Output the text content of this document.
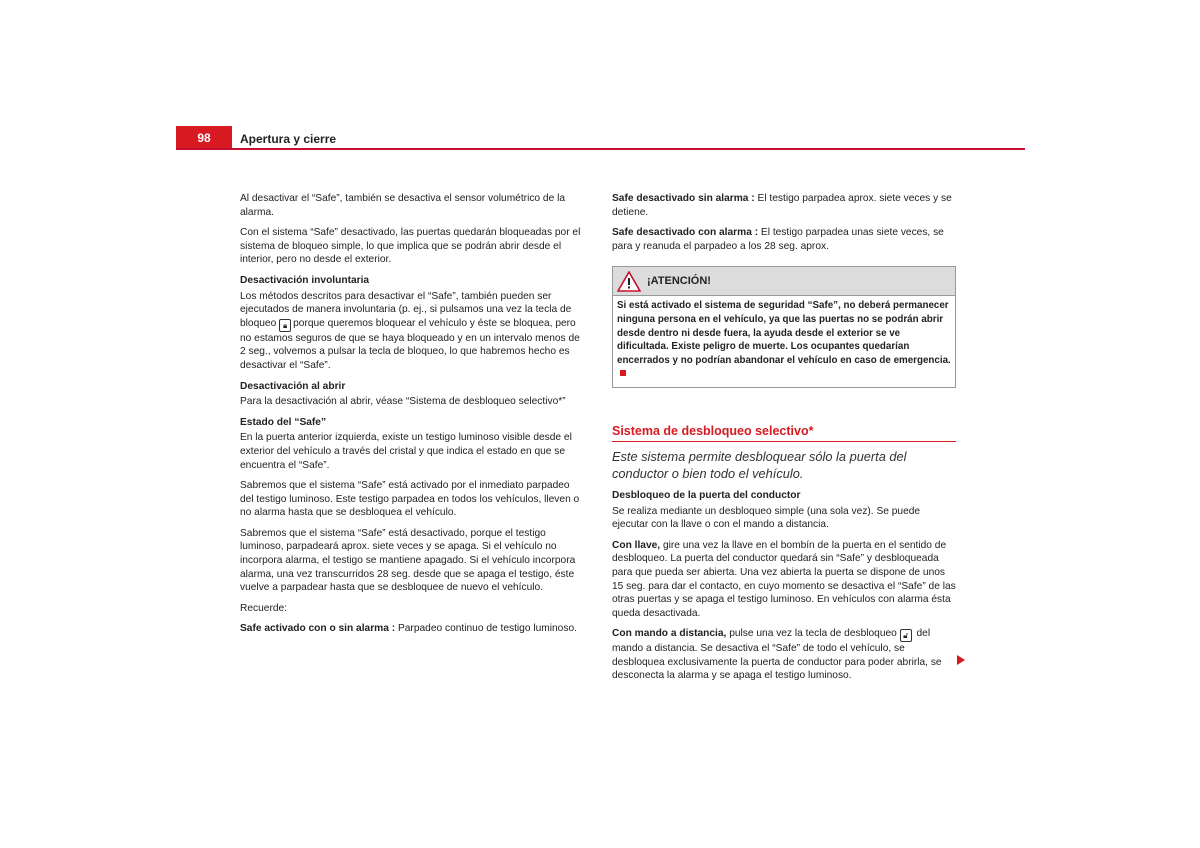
98	Apertura y cierre

Al desactivar el “Safe”, también se desactiva el sensor volumétrico de la alarma.

Con el sistema “Safe” desactivado, las puertas quedarán bloqueadas por el sistema de bloqueo simple, lo que implica que se podrán abrir desde el interior, pero no desde el exterior.

Desactivación involuntaria

Los métodos descritos para desactivar el “Safe”, también pueden ser ejecutados de manera involuntaria (p. ej., si pulsamos una vez la tecla de bloqueo 🔒︎ porque queremos bloquear el vehículo y éste se bloquea, pero no estamos seguros de que se haya bloqueado y en un intervalo menos de 2 seg., volvemos a pulsar la tecla de bloqueo, lo que habremos hecho es desactivar el “Safe”.

Desactivación al abrir

Para la desactivación al abrir, véase “Sistema de desbloqueo selectivo*”

Estado del “Safe”

En la puerta anterior izquierda, existe un testigo luminoso visible desde el exterior del vehículo a través del cristal y que indica el estado en que se encuentra el “Safe”.

Sabremos que el sistema “Safe” está activado por el inmediato parpadeo del testigo luminoso. Este testigo parpadea en todos los vehículos, lleven o no alarma hasta que se desbloquea el vehículo.

Sabremos que el sistema “Safe” está desactivado, porque el testigo luminoso, parpadeará aprox. siete veces y se apaga. Si el vehículo no incorpora alarma, el testigo se mantiene apagado. Si el vehículo incorpora alarma, una vez transcurridos 28 seg. desde que se apaga el testigo, éste vuelve a parpadear hasta que se desbloquee de nuevo el vehículo.

Recuerde:

Safe activado con o sin alarma : Parpadeo continuo de testigo luminoso.

Safe desactivado sin alarma : El testigo parpadea aprox. siete veces y se detiene.

Safe desactivado con alarma : El testigo parpadea unas siete veces, se para y reanuda el parpadeo a los 28 seg. aprox.

¡ATENCIÓN!
Si está activado el sistema de seguridad “Safe”, no deberá permanecer ninguna persona en el vehículo, ya que las puertas no se podrán abrir desde dentro ni desde fuera, la ayuda desde el exterior se ve dificultada. Existe peligro de muerte. Los ocupantes quedarían encerrados y no podrían abandonar el vehículo en caso de emergencia.
Sistema de desbloqueo selectivo*
Este sistema permite desbloquear sólo la puerta del conductor o bien todo el vehículo.

Desbloqueo de la puerta del conductor

Se realiza mediante un desbloqueo simple (una sola vez). Se puede ejecutar con la llave o con el mando a distancia.

Con llave, gire una vez la llave en el bombín de la puerta en el sentido de desbloqueo. La puerta del conductor quedará sin “Safe” y desbloqueada para que pueda ser abierta. Una vez abierta la puerta se dispone de unos 15 seg. para dar el contacto, en cuyo momento se desactiva el “Safe” de las otras puertas y se apaga el testigo luminoso. En vehículos con alarma ésta queda desactivada.

Con mando a distancia, pulse una vez la tecla de desbloqueo 🔓︎ del mando a distancia. Se desactiva el “Safe” de todo el vehículo, se desbloquea exclusivamente la puerta de conductor para poder abrirla, se desconecta la alarma y se apaga el testigo luminoso.
